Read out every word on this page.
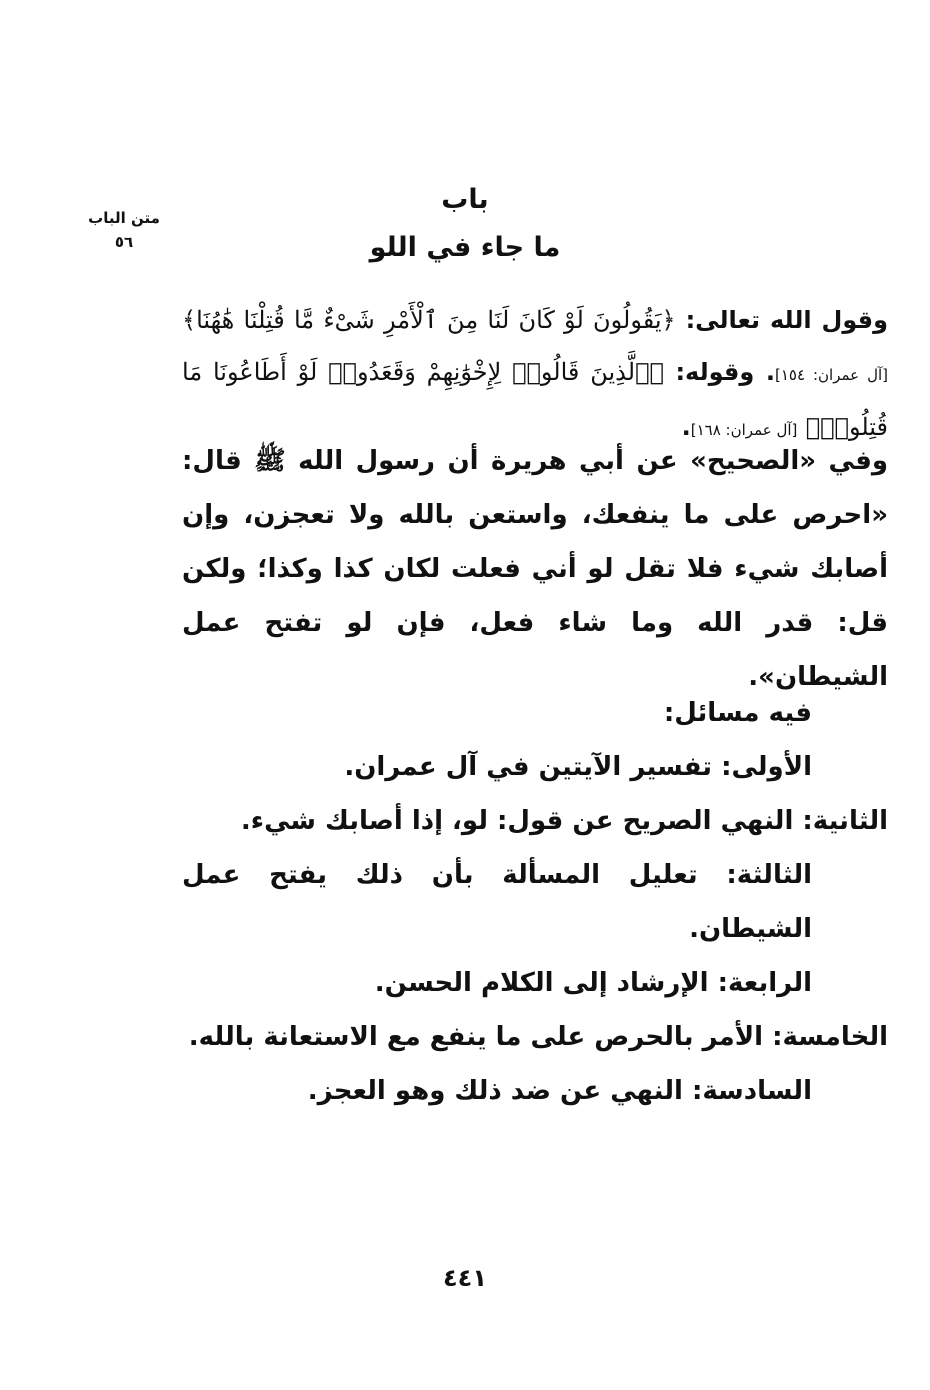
متن الباب
٥٦
باب
ما جاء في اللو
وقول الله تعالى: ﴿يَقُولُونَ لَوْ كَانَ لَنَا مِنَ ٱلْأَمْرِ شَىْءٌ مَّا قُتِلْنَا هَٰهُنَا﴾ [آل عمران: ١٥٤]. وقوله: ﴿ٱلَّذِينَ قَالُوا۟ لِإِخْوَٰنِهِمْ وَقَعَدُوا۟ لَوْ أَطَاعُونَا مَا قُتِلُوا۟﴾ [آل عمران: ١٦٨].
وفي «الصحيح» عن أبي هريرة أن رسول الله ﷺ قال: «احرص على ما ينفعك، واستعن بالله ولا تعجزن، وإن أصابك شيء فلا تقل لو أني فعلت لكان كذا وكذا؛ ولكن قل: قدر الله وما شاء فعل، فإن لو تفتح عمل الشيطان».

فيه مسائل:

الأولى: تفسير الآيتين في آل عمران.

الثانية: النهي الصريح عن قول: لو، إذا أصابك شيء.

الثالثة: تعليل المسألة بأن ذلك يفتح عمل الشيطان.

الرابعة: الإرشاد إلى الكلام الحسن.

الخامسة: الأمر بالحرص على ما ينفع مع الاستعانة بالله.

السادسة: النهي عن ضد ذلك وهو العجز.

٤٤١
